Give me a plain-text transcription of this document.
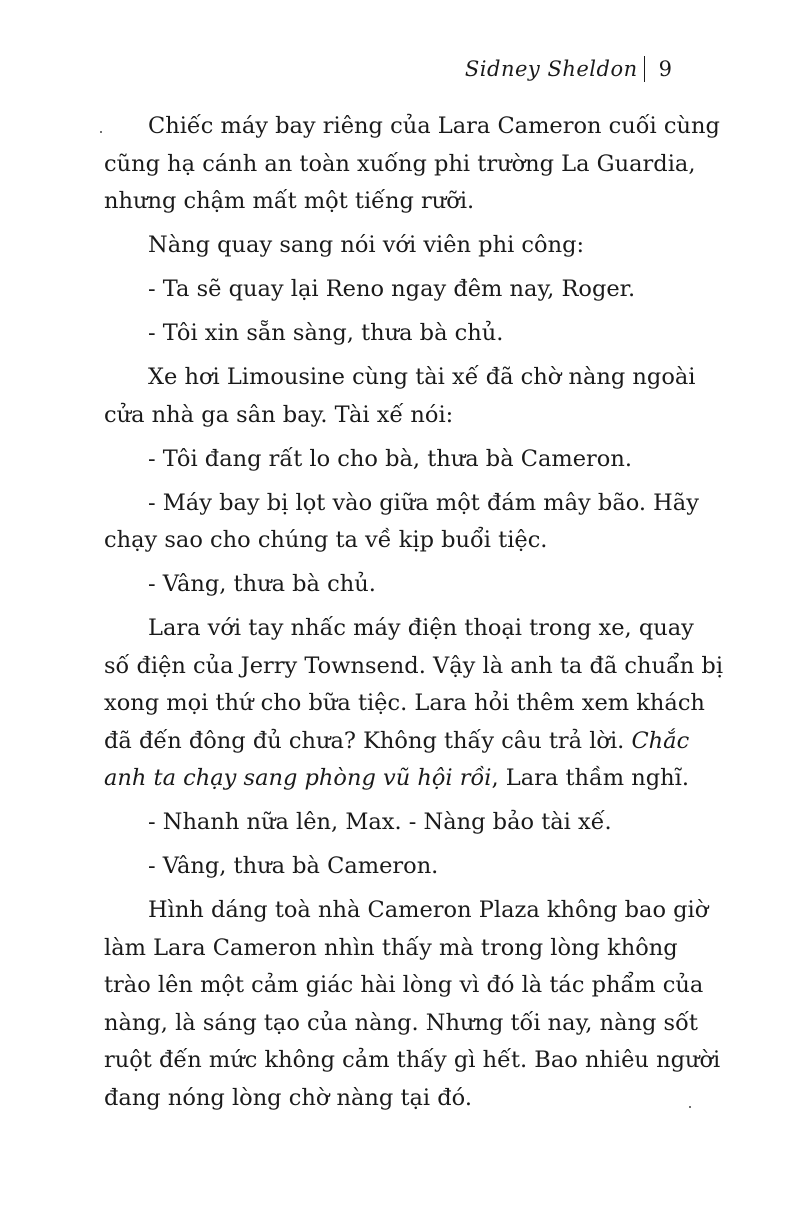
Sidney Sheldon 9
Chiếc máy bay riêng của Lara Cameron cuối cùng
cũng hạ cánh an toàn xuống phi trường La Guardia,
nhưng chậm mất một tiếng rưỡi.
Nàng quay sang nói với viên phi công:
- Ta sẽ quay lại Reno ngay đêm nay, Roger.
- Tôi xin sẵn sàng, thưa bà chủ.
Xe hơi Limousine cùng tài xế đã chờ nàng ngoài
cửa nhà ga sân bay. Tài xế nói:
- Tôi đang rất lo cho bà, thưa bà Cameron.
- Máy bay bị lọt vào giữa một đám mây bão. Hãy
chạy sao cho chúng ta về kịp buổi tiệc.
- Vâng, thưa bà chủ.
Lara với tay nhấc máy điện thoại trong xe, quay
số điện của Jerry Townsend. Vậy là anh ta đã chuẩn bị
xong mọi thứ cho bữa tiệc. Lara hỏi thêm xem khách
đã đến đông đủ chưa? Không thấy câu trả lời. Chắc
anh ta chạy sang phòng vũ hội rồi, Lara thầm nghĩ.
- Nhanh nữa lên, Max. - Nàng bảo tài xế.
- Vâng, thưa bà Cameron.
Hình dáng toà nhà Cameron Plaza không bao giờ
làm Lara Cameron nhìn thấy mà trong lòng không
trào lên một cảm giác hài lòng vì đó là tác phẩm của
nàng, là sáng tạo của nàng. Nhưng tối nay, nàng sốt
ruột đến mức không cảm thấy gì hết. Bao nhiêu người
đang nóng lòng chờ nàng tại đó.
